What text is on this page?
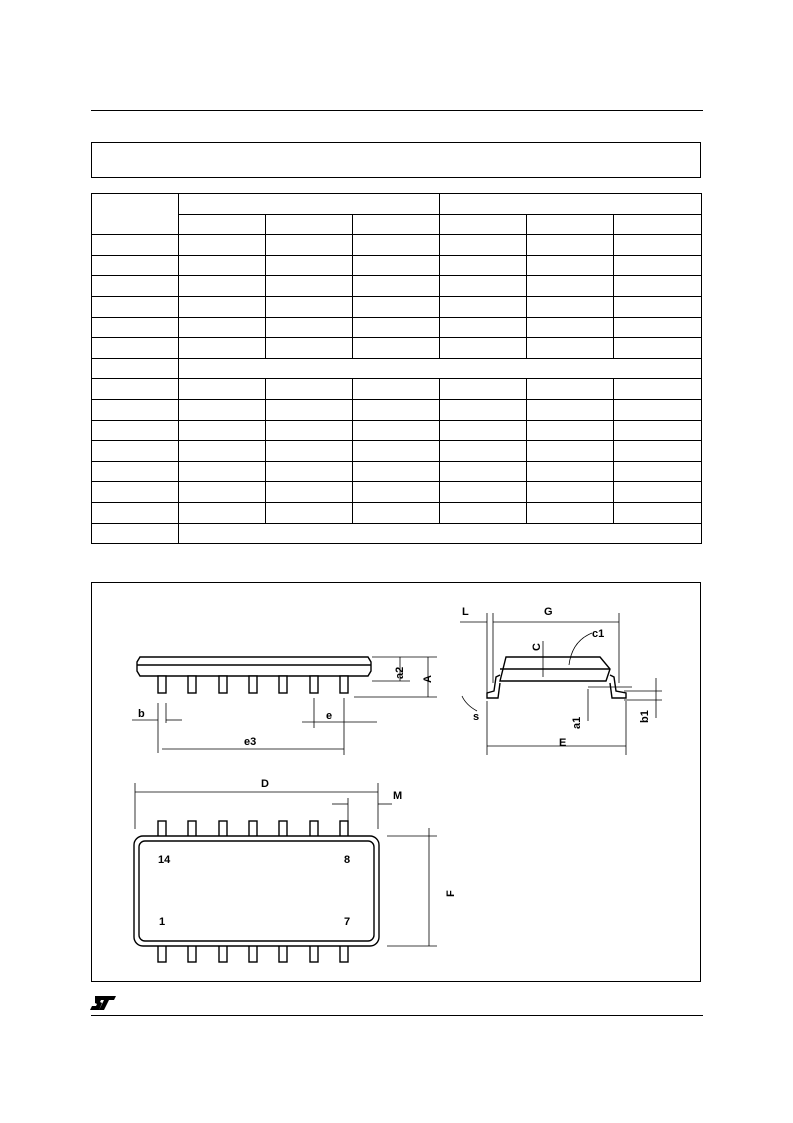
a2
A
b	e
e3
L	G
C
c1
s	a1	b1
E
D
M
F
14	8
1	7
